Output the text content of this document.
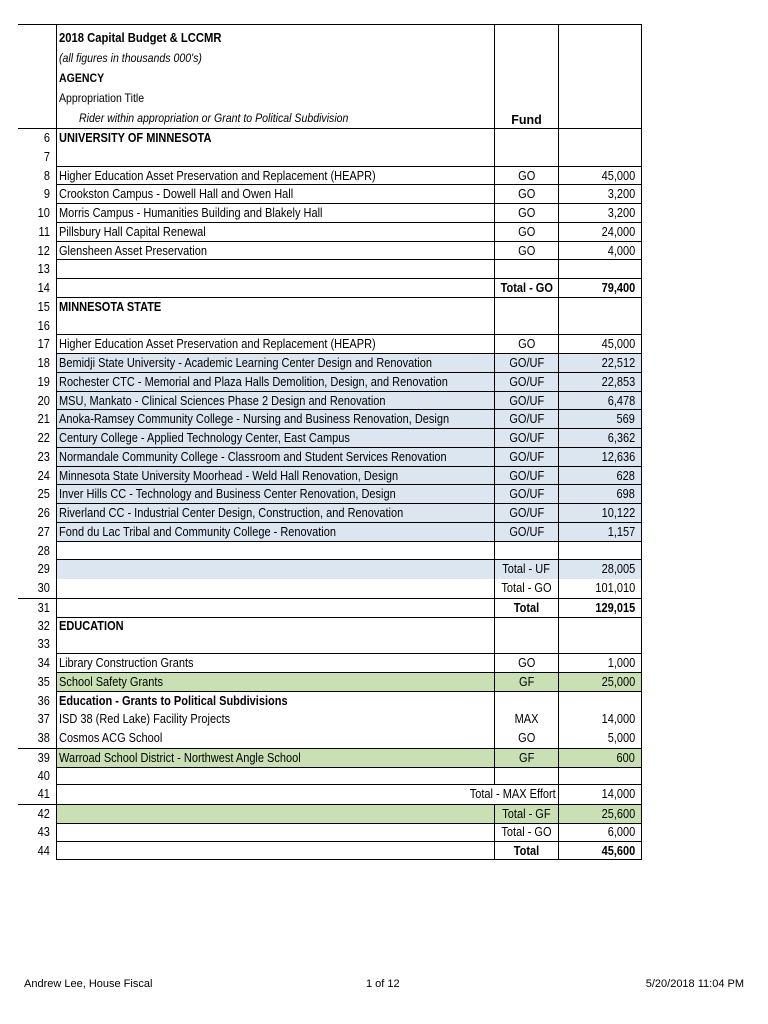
2018 Capital Budget & LCCMR
(all figures in thousands 000's)
AGENCY
Appropriation Title
Rider within appropriation or Grant to Political Subdivision	Fund
6 UNIVERSITY OF MINNESOTA
7
8 Higher Education Asset Preservation and Replacement (HEAPR)	GO	45,000
9 Crookston Campus - Dowell Hall and Owen Hall	GO	3,200
10 Morris Campus - Humanities Building and Blakely Hall	GO	3,200
11 Pillsbury Hall Capital Renewal	GO	24,000
12 Glensheen Asset Preservation	GO	4,000
13
14	Total - GO	79,400
15 MINNESOTA STATE
16
17 Higher Education Asset Preservation and Replacement (HEAPR)	GO	45,000
18 Bemidji State University - Academic Learning Center Design and Renovation	GO/UF	22,512
19 Rochester CTC - Memorial and Plaza Halls Demolition, Design, and Renovation	GO/UF	22,853
20 MSU, Mankato - Clinical Sciences Phase 2 Design and Renovation	GO/UF	6,478
21 Anoka-Ramsey Community College - Nursing and Business Renovation, Design	GO/UF	569
22 Century College - Applied Technology Center, East Campus	GO/UF	6,362
23 Normandale Community College - Classroom and Student Services Renovation	GO/UF	12,636
24 Minnesota State University Moorhead - Weld Hall Renovation, Design	GO/UF	628
25 Inver Hills CC - Technology and Business Center Renovation, Design	GO/UF	698
26 Riverland CC - Industrial Center Design, Construction, and Renovation	GO/UF	10,122
27 Fond du Lac Tribal and Community College - Renovation	GO/UF	1,157
28
29	Total - UF	28,005
30	Total - GO	101,010
31	Total	129,015
32 EDUCATION
33
34 Library Construction Grants	GO	1,000
35 School Safety Grants	GF	25,000
36 Education - Grants to Political Subdivisions
37 ISD 38 (Red Lake) Facility Projects	MAX	14,000
38 Cosmos ACG School	GO	5,000
39 Warroad School District - Northwest Angle School	GF	600
40
41	Total - MAX Effort	14,000
42	Total - GF	25,600
43	Total - GO	6,000
44	Total	45,600
Andrew Lee, House Fiscal	1 of 12	5/20/2018 11:04 PM
